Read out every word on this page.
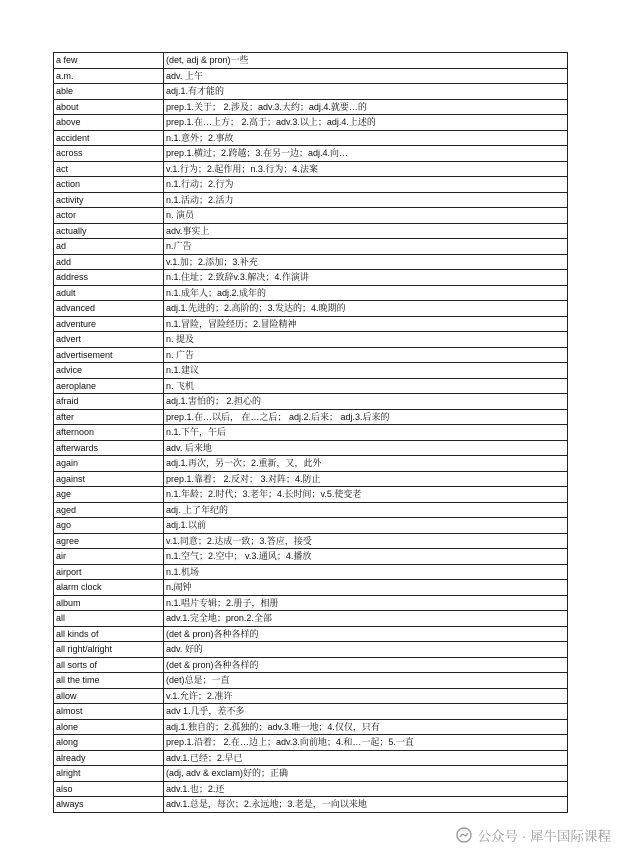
a few	(det, adj & pron)一些
a.m.	adv. 上午
able	adj.1.有才能的
about	prep.1.关于； 2.涉及；adv.3.大约；adj.4.就要…的
above	prep.1.在…上方； 2.高于；adv.3.以上；adj.4.上述的
accident	n.1.意外；2.事故
across	prep.1.横过；2.跨越；3.在另一边；adj.4.向…
act	v.1.行为；2.起作用；n.3.行为；4.法案
action	n.1.行动；2.行为
activity	n.1.活动；2.活力
actor	n. 演员
actually	adv.事实上
ad	n.广告
add	v.1.加；2.添加；3.补充
address	n.1.住址；2.致辞v.3.解决；4.作演讲
adult	n.1.成年人；adj.2.成年的
advanced	adj.1.先进的；2.高阶的；3.发达的；4.晚期的
adventure	n.1.冒险，冒险经历；2.冒险精神
advert	n. 提及
advertisement	n. 广告
advice	n.1.建议
aeroplane	n. 飞机
afraid	adj.1.害怕的； 2.担心的
after	prep.1.在…以后， 在…之后； adj.2.后来； adj.3.后来的
afternoon	n.1.下午，午后
afterwards	adv. 后来地
again	adj.1.再次，另一次；2.重新，又，此外
against	prep.1.靠着； 2.反对； 3.对阵；4.防止
age	n.1.年龄；2.时代；3.老年；4.长时间；v.5.使变老
aged	adj. 上了年纪的
ago	adj.1.以前
agree	v.1.同意；2.达成一致；3.答应，接受
air	n.1.空气；2.空中； v.3.通风；4.播放
airport	n.1.机场
alarm clock	n.闹钟
album	n.1.唱片专辑；2.册子，相册
all	adv.1.完全地；pron.2.全部
all kinds of	(det & pron)各种各样的
all right/alright	adv. 好的
all sorts of	(det & pron)各种各样的
all the time	(det)总是；一直
allow	v.1.允许；2.准许
almost	adv 1.几乎，差不多
alone	adj.1.独自的；2.孤独的；adv.3.唯一地；4.仅仅，只有
along	prep.1.沿着； 2.在…边上；adv.3.向前地；4.和…一起；5.一直
already	adv.1.已经；2.早已
alright	(adj, adv & exclam)好的；正确
also	adv.1.也；2.还
always	adv.1.总是，每次；2.永远地；3.老是，一向以来地
公众号 · 犀牛国际课程
